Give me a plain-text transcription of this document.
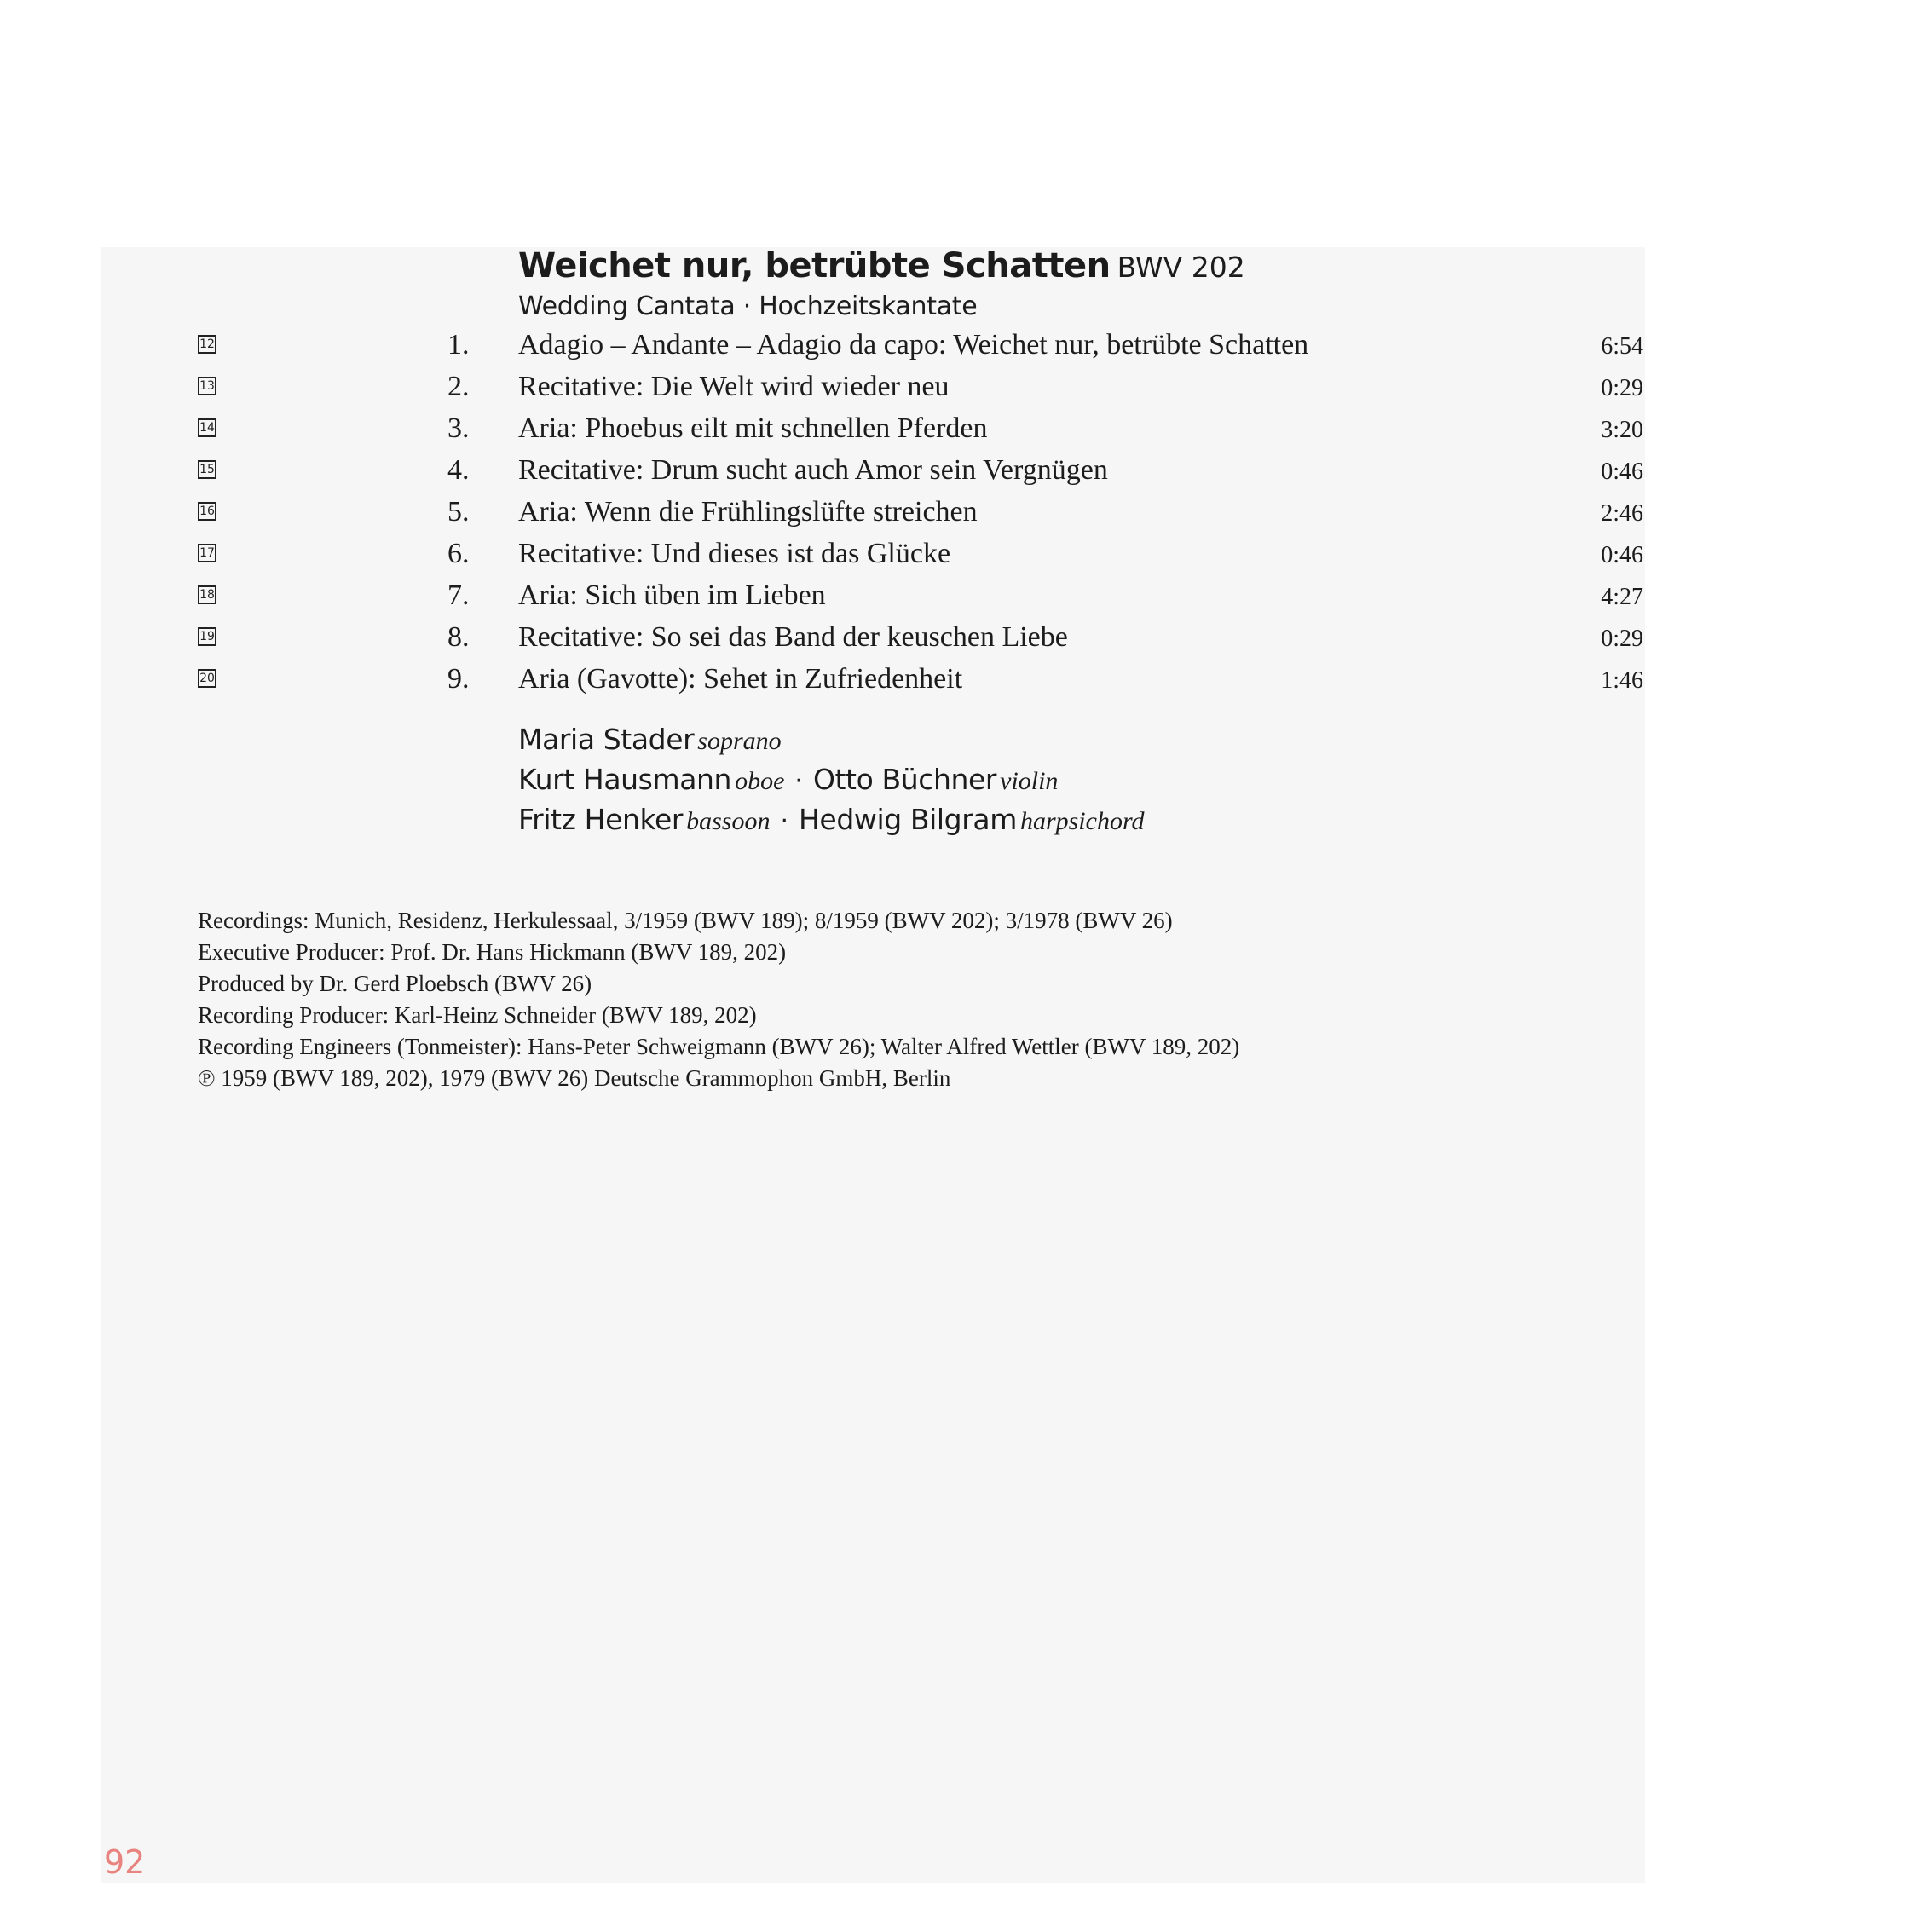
Weichet nur, betrübte Schatten BWV 202
Wedding Cantata · Hochzeitskantate
12	1. Adagio – Andante – Adagio da capo: Weichet nur, betrübte Schatten	6:54
13	2. Recitative: Die Welt wird wieder neu	0:29
14	3. Aria: Phoebus eilt mit schnellen Pferden	3:20
15	4. Recitative: Drum sucht auch Amor sein Vergnügen	0:46
16	5. Aria: Wenn die Frühlingslüfte streichen	2:46
17	6. Recitative: Und dieses ist das Glücke	0:46
18	7. Aria: Sich üben im Lieben	4:27
19	8. Recitative: So sei das Band der keuschen Liebe	0:29
20	9. Aria (Gavotte): Sehet in Zufriedenheit	1:46
Maria Stader soprano
Kurt Hausmann oboe · Otto Büchner violin
Fritz Henker bassoon · Hedwig Bilgram harpsichord
Recordings: Munich, Residenz, Herkulessaal, 3/1959 (BWV 189); 8/1959 (BWV 202); 3/1978 (BWV 26)
Executive Producer: Prof. Dr. Hans Hickmann (BWV 189, 202)
Produced by Dr. Gerd Ploebsch (BWV 26)
Recording Producer: Karl-Heinz Schneider (BWV 189, 202)
Recording Engineers (Tonmeister): Hans-Peter Schweigmann (BWV 26); Walter Alfred Wettler (BWV 189, 202)
℗ 1959 (BWV 189, 202), 1979 (BWV 26) Deutsche Grammophon GmbH, Berlin
92
